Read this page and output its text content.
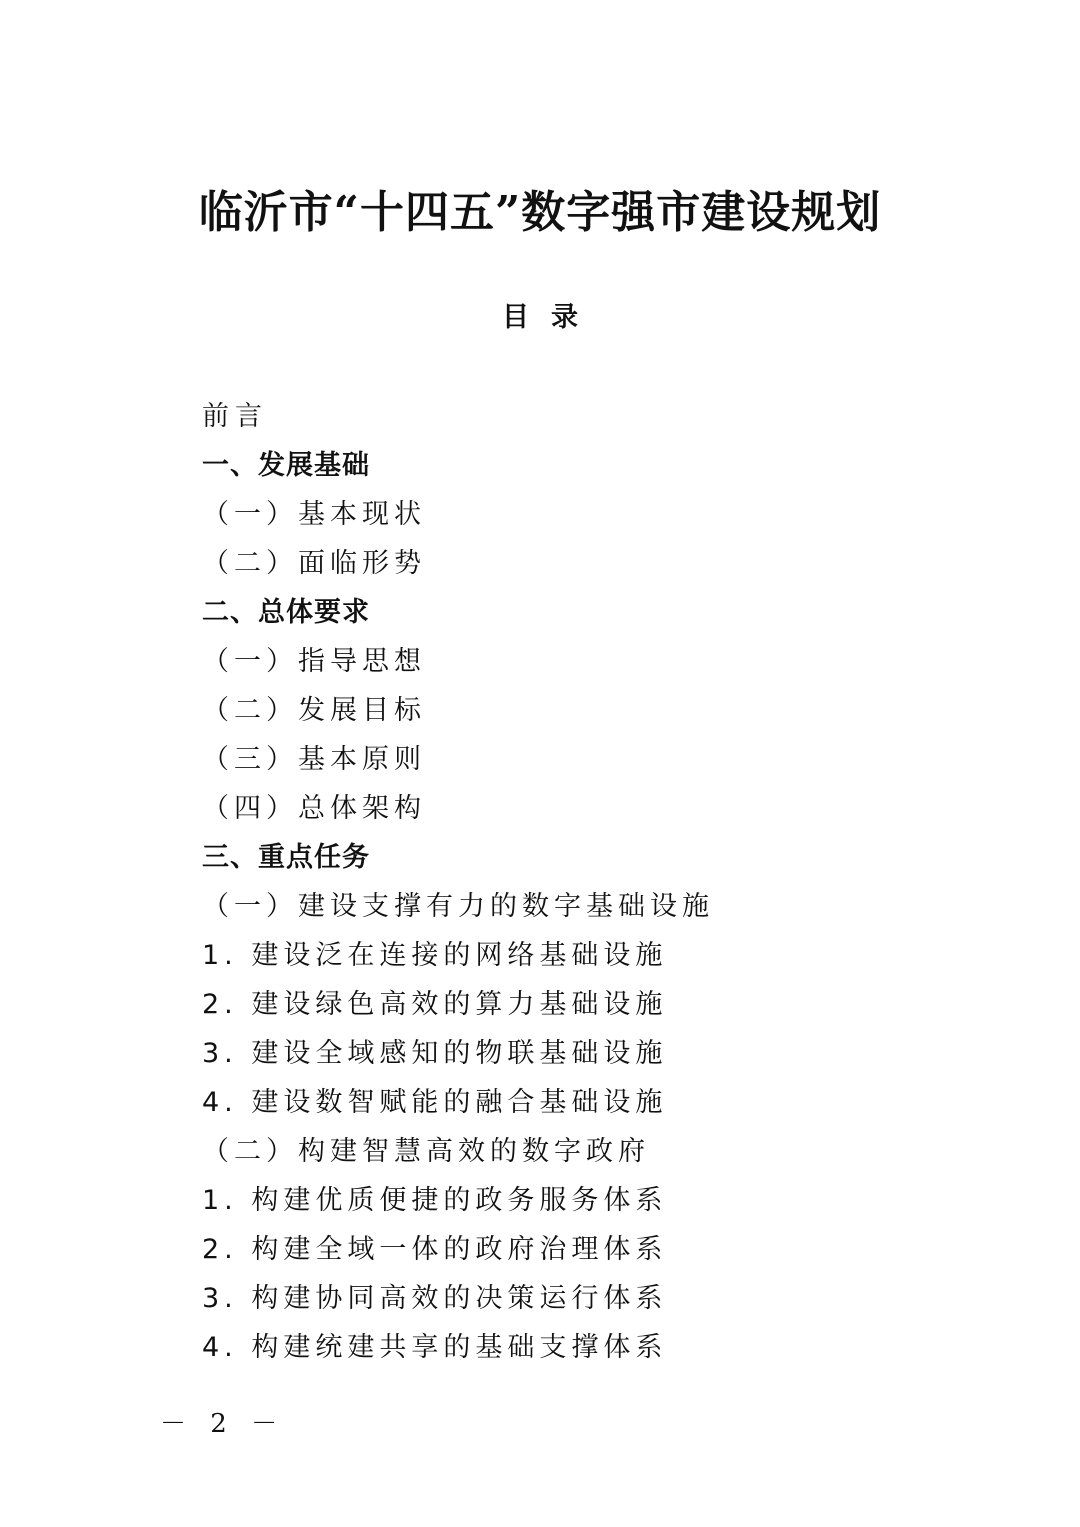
临沂市“十四五”数字强市建设规划
目录
前言
一、发展基础
（一）基本现状
（二）面临形势
二、总体要求
（一）指导思想
（二）发展目标
（三）基本原则
（四）总体架构
三、重点任务
（一）建设支撑有力的数字基础设施
1. 建设泛在连接的网络基础设施
2. 建设绿色高效的算力基础设施
3. 建设全域感知的物联基础设施
4. 建设数智赋能的融合基础设施
（二）构建智慧高效的数字政府
1. 构建优质便捷的政务服务体系
2. 构建全域一体的政府治理体系
3. 构建协同高效的决策运行体系
4. 构建统建共享的基础支撑体系
－ 2 －
